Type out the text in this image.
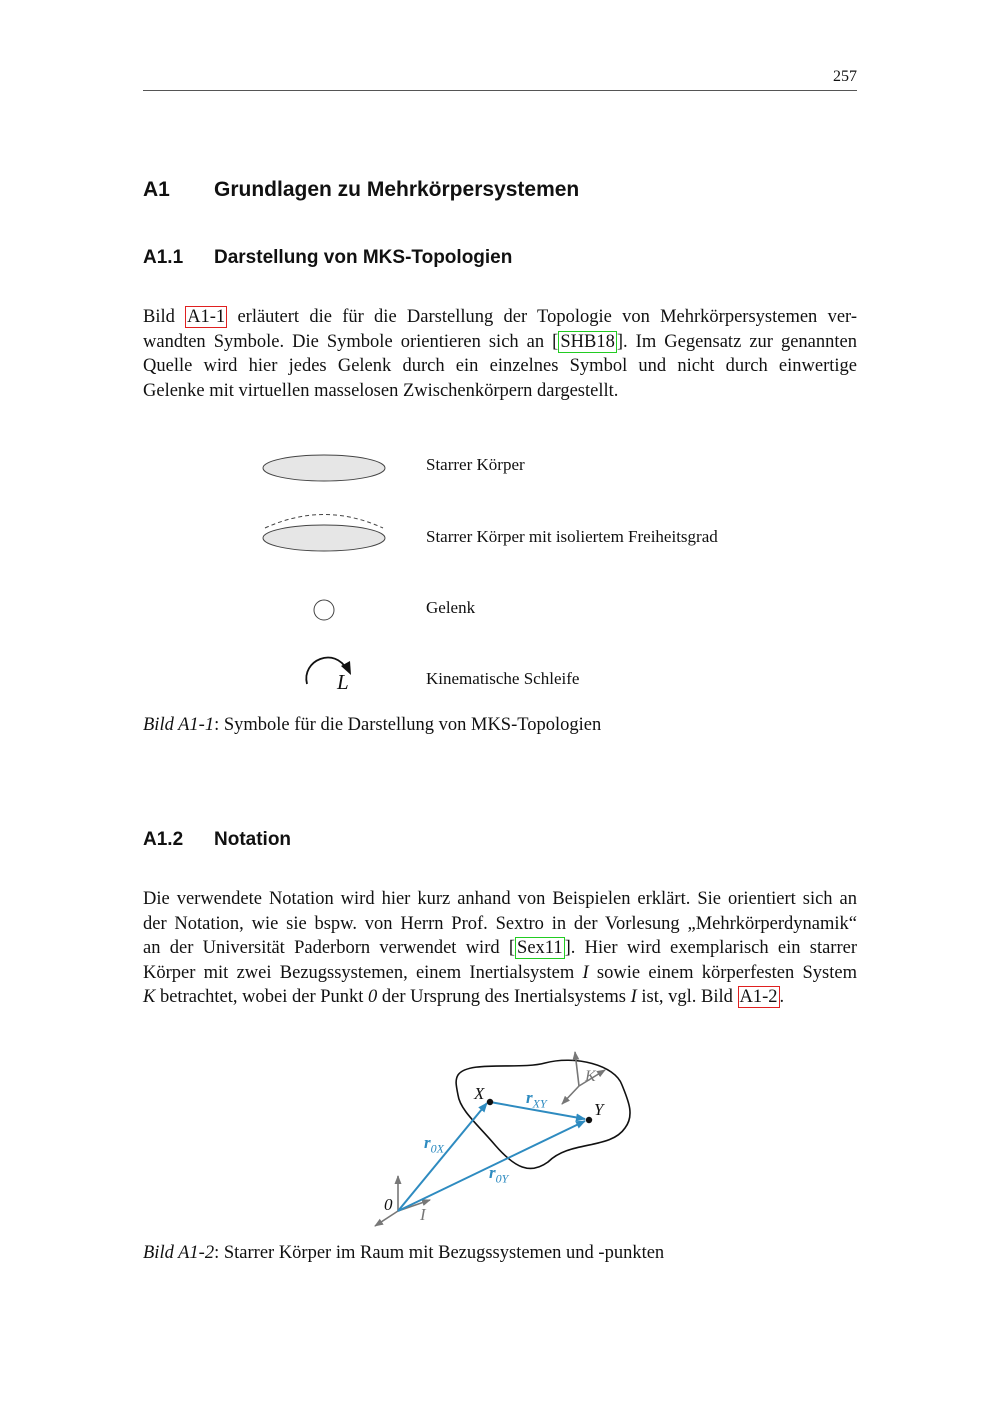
257
A1 Grundlagen zu Mehrkörpersystemen
A1.1 Darstellung von MKS-Topologien
Bild A1-1 erläutert die für die Darstellung der Topologie von Mehrkörpersystemen ver-
wandten Symbole. Die Symbole orientieren sich an [ SHB18 ]. Im Gegensatz zur genannten
Quelle wird hier jedes Gelenk durch ein einzelnes Symbol und nicht durch einwertige
Gelenke mit virtuellen masselosen Zwischenkörpern dargestellt.
L
Starrer Körper
Starrer Körper mit isoliertem Freiheitsgrad
Gelenk
Kinematische Schleife
Bild A1-1: Symbole für die Darstellung von MKS-Topologien
A1.2 Notation
Die verwendete Notation wird hier kurz anhand von Beispielen erklärt. Sie orientiert sich an
der Notation, wie sie bspw. von Herrn Prof. Sextro in der Vorlesung „Mehrkörperdynamik“
an der Universität Paderborn verwendet wird [ Sex11 ]. Hier wird exemplarisch ein starrer
Körper mit zwei Bezugssystemen, einem Inertialsystem I sowie einem körperfesten System
K betrachtet, wobei der Punkt 0 der Ursprung des Inertialsystems I ist, vgl. Bild A1-2 .
0
I
K
X
Y
$r_{0X}$
$r_{0Y}$
$r_{XY}$
Bild A1-2: Starrer Körper im Raum mit Bezugssystemen und -punkten
